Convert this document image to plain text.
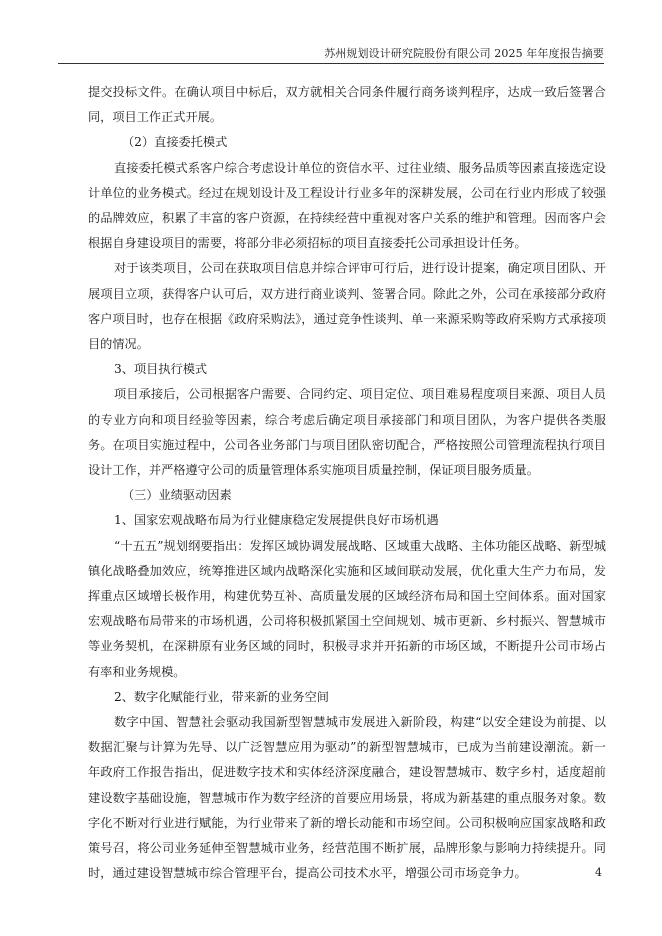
苏州规划设计研究院股份有限公司 2025 年年度报告摘要

提交投标文件。在确认项目中标后，双方就相关合同条件履行商务谈判程序，达成一致后签署合同，项目工作正式开展。

（2）直接委托模式

直接委托模式系客户综合考虑设计单位的资信水平、过往业绩、服务品质等因素直接选定设计单位的业务模式。经过在规划设计及工程设计行业多年的深耕发展，公司在行业内形成了较强的品牌效应，积累了丰富的客户资源，在持续经营中重视对客户关系的维护和管理。因而客户会根据自身建设项目的需要，将部分非必须招标的项目直接委托公司承担设计任务。

对于该类项目，公司在获取项目信息并综合评审可行后，进行设计提案，确定项目团队、开展项目立项，获得客户认可后，双方进行商业谈判、签署合同。除此之外，公司在承接部分政府客户项目时，也存在根据《政府采购法》，通过竞争性谈判、单一来源采购等政府采购方式承接项目的情况。

3、项目执行模式

项目承接后，公司根据客户需要、合同约定、项目定位、项目难易程度项目来源、项目人员的专业方向和项目经验等因素，综合考虑后确定项目承接部门和项目团队，为客户提供各类服务。在项目实施过程中，公司各业务部门与项目团队密切配合，严格按照公司管理流程执行项目设计工作，并严格遵守公司的质量管理体系实施项目质量控制，保证项目服务质量。

（三）业绩驱动因素

1、国家宏观战略布局为行业健康稳定发展提供良好市场机遇

“十五五”规划纲要指出：发挥区域协调发展战略、区域重大战略、主体功能区战略、新型城镇化战略叠加效应，统筹推进区域内战略深化实施和区域间联动发展，优化重大生产力布局，发挥重点区域增长极作用，构建优势互补、高质量发展的区域经济布局和国土空间体系。面对国家宏观战略布局带来的市场机遇，公司将积极抓紧国土空间规划、城市更新、乡村振兴、智慧城市等业务契机，在深耕原有业务区域的同时，积极寻求并开拓新的市场区域，不断提升公司市场占有率和业务规模。

2、数字化赋能行业，带来新的业务空间

数字中国、智慧社会驱动我国新型智慧城市发展进入新阶段，构建“以安全建设为前提、以数据汇聚与计算为先导、以广泛智慧应用为驱动”的新型智慧城市，已成为当前建设潮流。新一年政府工作报告指出，促进数字技术和实体经济深度融合，建设智慧城市、数字乡村，适度超前建设数字基础设施，智慧城市作为数字经济的首要应用场景，将成为新基建的重点服务对象。数字化不断对行业进行赋能，为行业带来了新的增长动能和市场空间。公司积极响应国家战略和政策号召，将公司业务延伸至智慧城市业务，经营范围不断扩展，品牌形象与影响力持续提升。同时，通过建设智慧城市综合管理平台，提高公司技术水平，增强公司市场竞争力。	4
